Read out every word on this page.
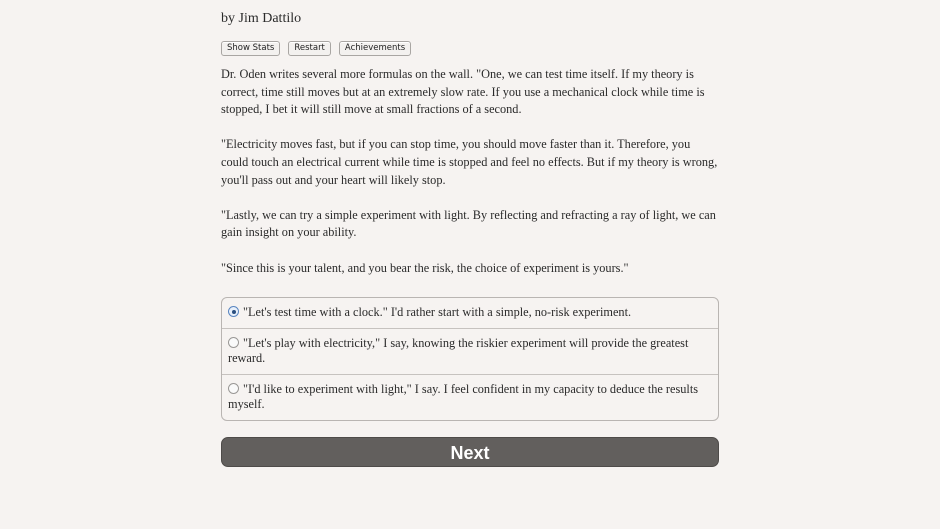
by Jim Dattilo
Show Stats	Restart	Achievements

Dr. Oden writes several more formulas on the wall. "One, we can test time itself. If my theory is correct, time still moves but at an extremely slow rate. If you use a mechanical clock while time is stopped, I bet it will still move at small fractions of a second.

"Electricity moves fast, but if you can stop time, you should move faster than it. Therefore, you could touch an electrical current while time is stopped and feel no effects. But if my theory is wrong, you'll pass out and your heart will likely stop.

"Lastly, we can try a simple experiment with light. By reflecting and refracting a ray of light, we can gain insight on your ability.

"Since this is your talent, and you bear the risk, the choice of experiment is yours."

"Let's test time with a clock." I'd rather start with a simple, no-risk experiment.
"Let's play with electricity," I say, knowing the riskier experiment will provide the greatest reward.
"I'd like to experiment with light," I say. I feel confident in my capacity to deduce the results myself.
Next
